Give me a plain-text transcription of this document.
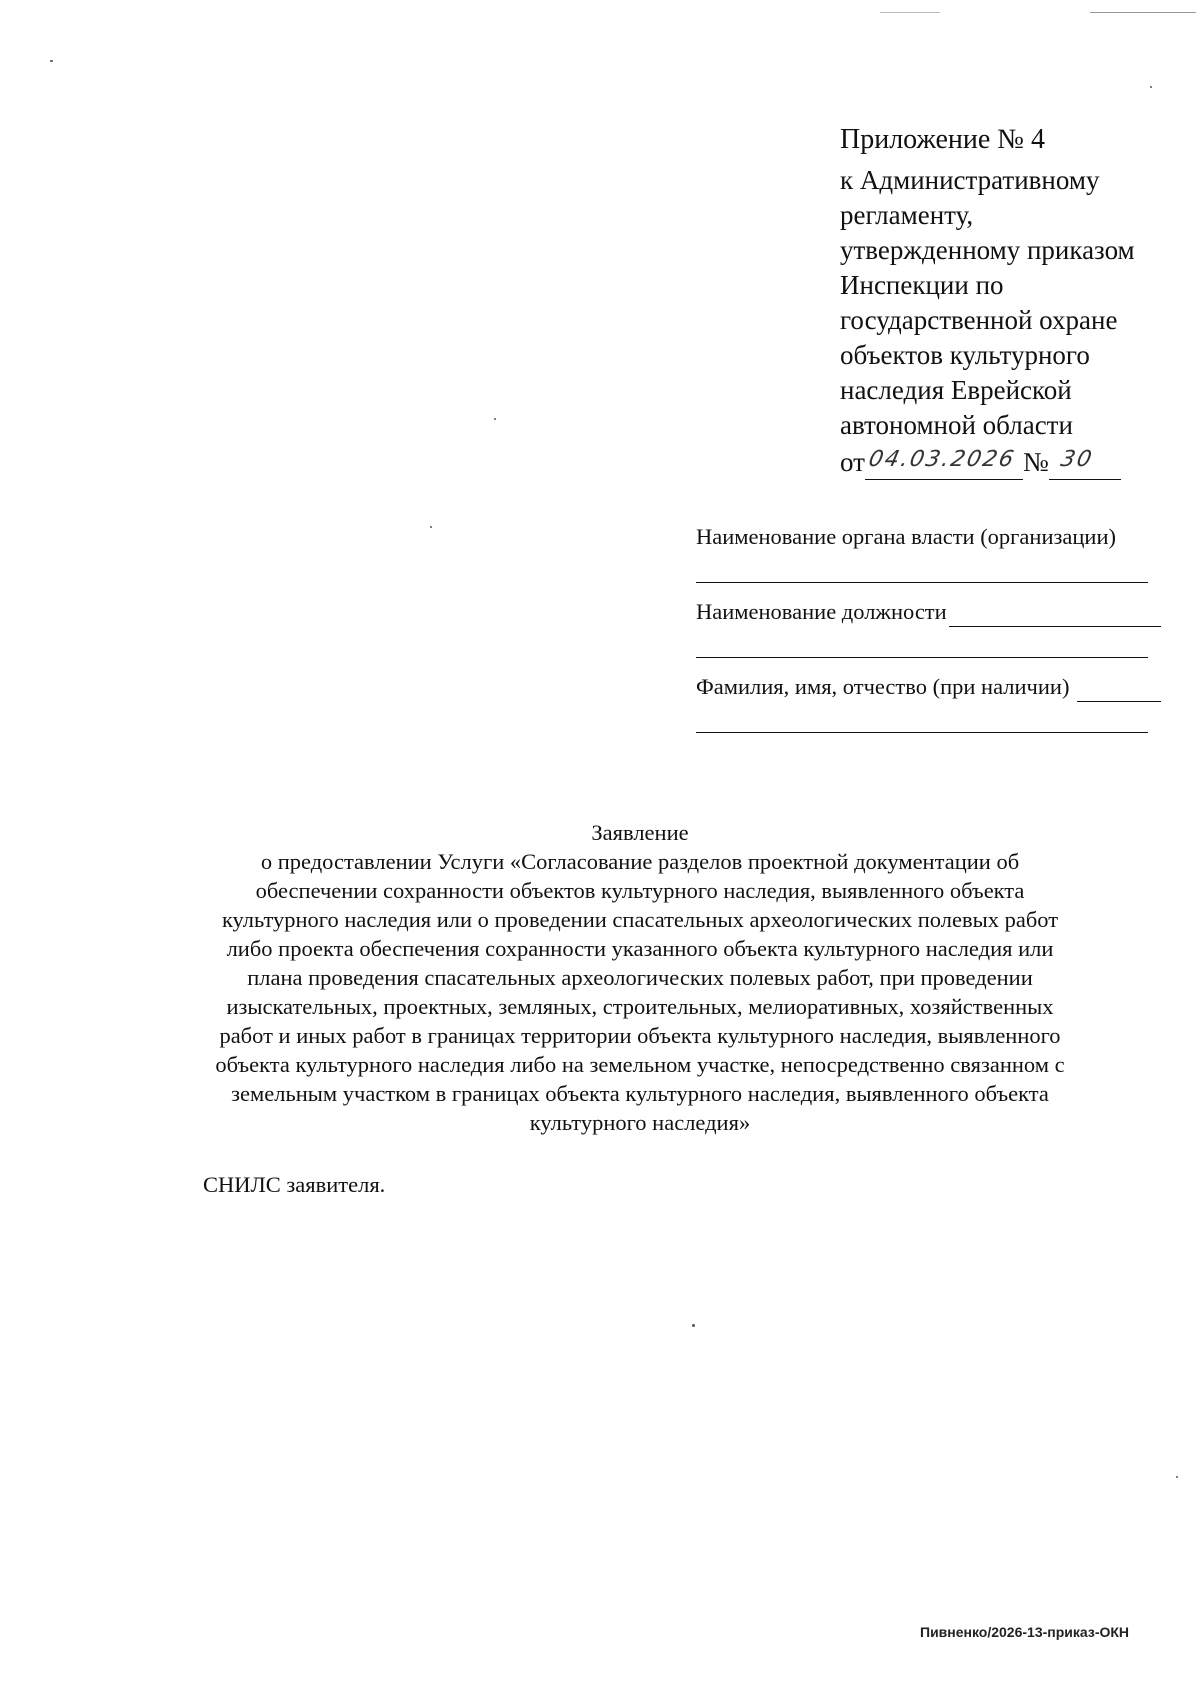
Приложение № 4
к Административному
регламенту,
утвержденному приказом
Инспекции по
государственной охране
объектов культурного
наследия Еврейской
автономной области
от 04.03.2026 № 30
Наименование органа власти (организации)
Наименование должности
Фамилия, имя, отчество (при наличии)
Заявление
о предоставлении Услуги «Согласование разделов проектной документации об обеспечении сохранности объектов культурного наследия, выявленного объекта культурного наследия или о проведении спасательных археологических полевых работ либо проекта обеспечения сохранности указанного объекта культурного наследия или плана проведения спасательных археологических полевых работ, при проведении изыскательных, проектных, земляных, строительных, мелиоративных, хозяйственных работ и иных работ в границах территории объекта культурного наследия, выявленного объекта культурного наследия либо на земельном участке, непосредственно связанном с земельным участком в границах объекта культурного наследия, выявленного объекта культурного наследия»
СНИЛС заявителя.
Пивненко/2026-13-приказ-ОКН
